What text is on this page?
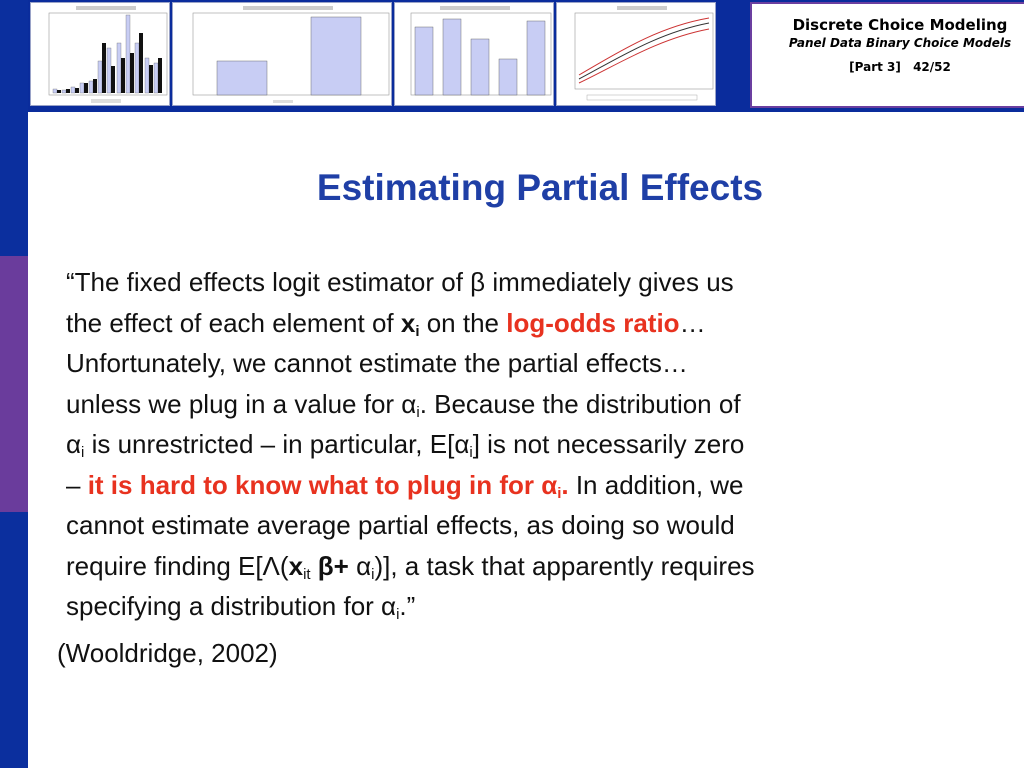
Discrete Choice Modeling
Panel Data Binary Choice Models
[Part 3] 42/52
Estimating Partial Effects
“The fixed effects logit estimator of β immediately gives us
the effect of each element of $x_i$ on the log-odds ratio…
Unfortunately, we cannot estimate the partial effects…
unless we plug in a value for $\alpha_i$. Because the distribution of
$\alpha_i$ is unrestricted – in particular, $E[\alpha_i]$ is not necessarily zero
– it is hard to know what to plug in for $\alpha_i$. In addition, we
cannot estimate average partial effects, as doing so would
require finding $E[\Lambda(x_{it}$ $\beta+ \alpha_i$)], a task that apparently requires
specifying a distribution for $\alpha_i$.”
(Wooldridge, 2002)
